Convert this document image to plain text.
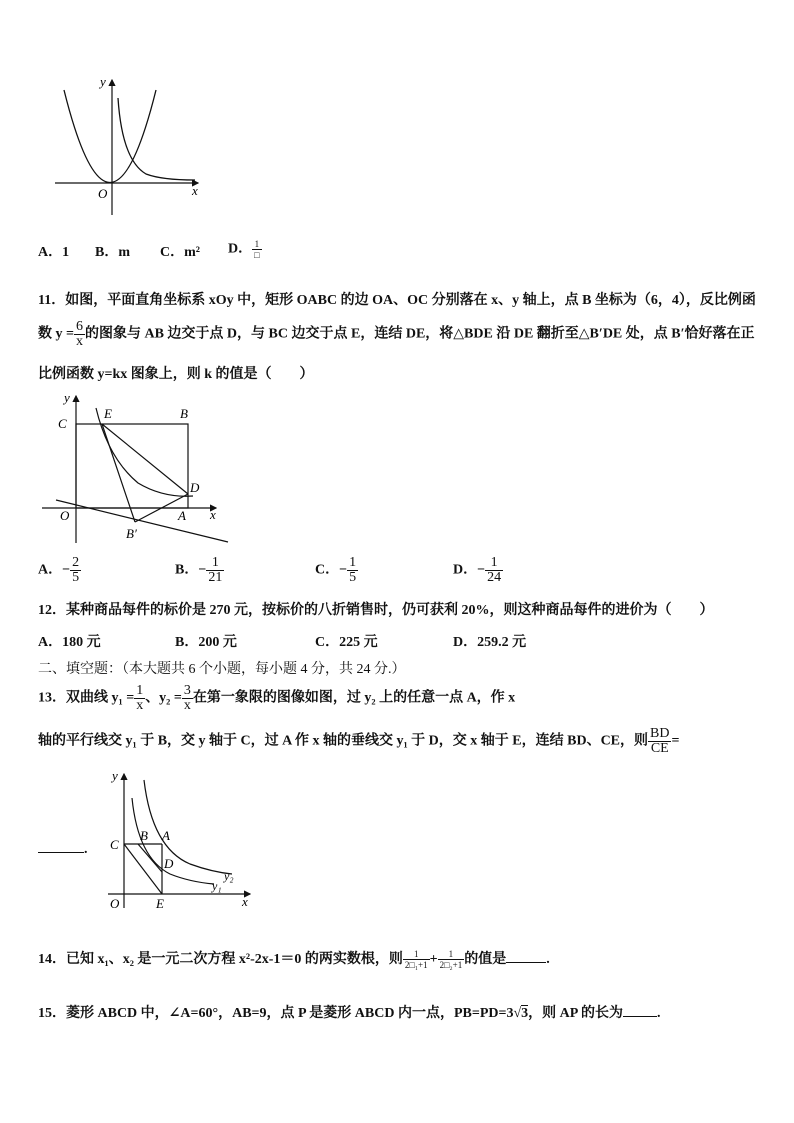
y
x
O
A．1 B．m C．m² D． $\frac{1}{□}$
11．如图，平面直角坐标系 xOy 中，矩形 OABC 的边 OA、OC 分别落在 x、y 轴上，点 B 坐标为（6，4），反比例函
数 $y = \frac{6}{x}$ 的图象与 AB 边交于点 D，与 BC 边交于点 E，连结 DE，将△BDE 沿 DE 翻折至△B′DE 处，点 B′恰好落在正
比例函数 y=kx 图象上，则 k 的值是（　　）
y
x
C
E	B
D
O	A
B′
A．− $\frac{2}{5}$	B．− $\frac{1}{21}$	C．− $\frac{1}{5}$	D．− $\frac{1}{24}$
12．某种商品每件的标价是 270 元，按标价的八折销售时，仍可获利 20%，则这种商品每件的进价为（　　）
A．180 元	B．200 元	C．225 元	D．259.2 元
二、填空题：（本大题共 6 个小题，每小题 4 分，共 24 分.）
13．双曲线 $y_1 = \frac{1}{x}$ 、$y_2 = \frac{3}{x}$ 在第一象限的图像如图，过 y₂ 上的任意一点 A，作 x
轴的平行线交 y₁ 于 B，交 y 轴于 C，过 A 作 x 轴的垂线交 y₁ 于 D，交 x 轴于 E，连结 BD、CE，则 $\frac{BD}{CE}$ =
y
x
C
B A
D
O	E
y₂
y₁
.
14．已知 x₁、x₂ 是一元二次方程 x²-2x-1＝0 的两实数根，则 $\frac{1}{\text{2□₁+1}} + \frac{1}{\text{2□₂+1}}$ 的值是	.
15．菱形 ABCD 中，∠A=60°，AB=9，点 P 是菱形 ABCD 内一点，PB=PD=3√3，则 AP 的长为 .
